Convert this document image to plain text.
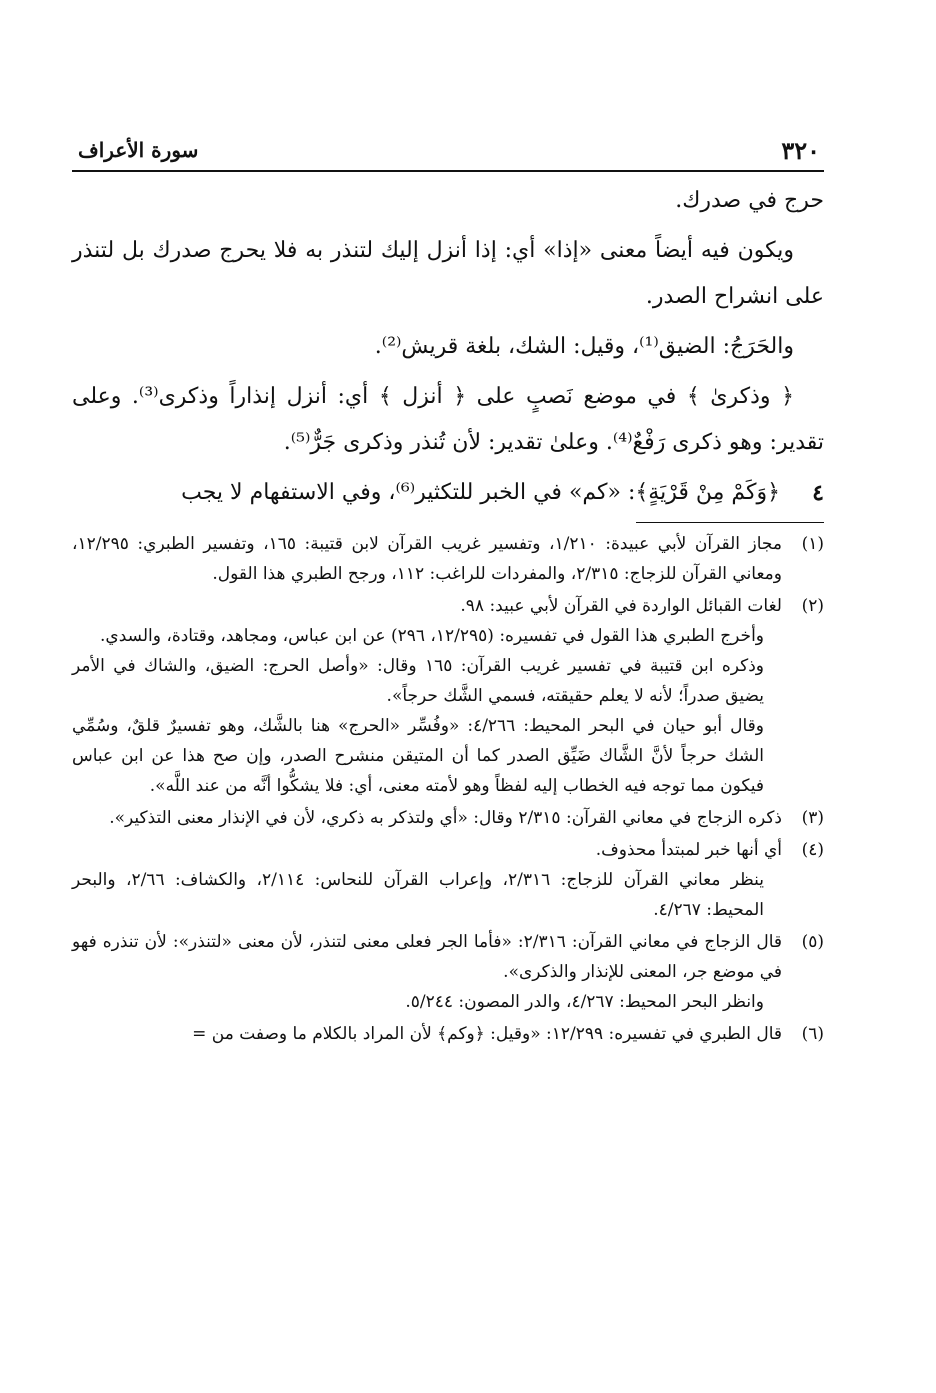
٣٢٠
سورة الأعراف

حرج في صدرك.

ويكون فيه أيضاً معنى «إذا» أي: إذا أنزل إليك لتنذر به فلا يحرج صدرك بل لتنذر على انشراح الصدر.

والحَرَجُ: الضيق⁽¹⁾، وقيل: الشك، بلغة قريش⁽²⁾.

﴿ وذكرىٰ ﴾ في موضع نَصبٍ على ﴿ أنزل ﴾ أي: أنزل إنذاراً وذكرى⁽³⁾. وعلى تقدير: وهو ذكرى رَفْعٌ⁽⁴⁾. وعلىٰ تقدير: لأن تُنذر وذكرى جَرٌّ⁽⁵⁾.

٤

﴿وَكَمْ مِنْ قَرْيَةٍ﴾: «كم» في الخبر للتكثير⁽⁶⁾، وفي الاستفهام لا يجب

(١)

مجاز القرآن لأبي عبيدة: ١/٢١٠، وتفسير غريب القرآن لابن قتيبة: ١٦٥، وتفسير الطبري: ١٢/٢٩٥، ومعاني القرآن للزجاج: ٢/٣١٥، والمفردات للراغب: ١١٢، ورجح الطبري هذا القول.

(٢)

لغات القبائل الواردة في القرآن لأبي عبيد: ٩٨.

وأخرج الطبري هذا القول في تفسيره: (١٢/٢٩٥، ٢٩٦) عن ابن عباس، ومجاهد، وقتادة، والسدي.

وذكره ابن قتيبة في تفسير غريب القرآن: ١٦٥ وقال: «وأصل الحرج: الضيق، والشاك في الأمر يضيق صدراً؛ لأنه لا يعلم حقيقته، فسمي الشَّك حرجاً».

وقال أبو حيان في البحر المحيط: ٤/٢٦٦: «وفُسِّر «الحرج» هنا بالشَّك، وهو تفسيرٌ قلقٌ، وسُمِّي الشك حرجاً لأنَّ الشَّاك ضَيِّق الصدر كما أن المتيقن منشرح الصدر، وإن صح هذا عن ابن عباس فيكون مما توجه فيه الخطاب إليه لفظاً وهو لأمته معنى، أي: فلا يشكُّوا أنَّه من عند اللَّه».

(٣)

ذكره الزجاج في معاني القرآن: ٢/٣١٥ وقال: «أي ولتذكر به ذكري، لأن في الإنذار معنى التذكير».

(٤)

أي أنها خبر لمبتدأ محذوف.

ينظر معاني القرآن للزجاج: ٢/٣١٦، وإعراب القرآن للنحاس: ٢/١١٤، والكشاف: ٢/٦٦، والبحر المحيط: ٤/٢٦٧.

(٥)

قال الزجاج في معاني القرآن: ٢/٣١٦: «فأما الجر فعلى معنى لتنذر، لأن معنى «لتنذر»: لأن تنذره فهو في موضع جر، المعنى للإنذار والذكرى».

وانظر البحر المحيط: ٤/٢٦٧، والدر المصون: ٥/٢٤٤.

(٦)

قال الطبري في تفسيره: ١٢/٢٩٩: «وقيل: ﴿وكم﴾ لأن المراد بالكلام ما وصفت من =
